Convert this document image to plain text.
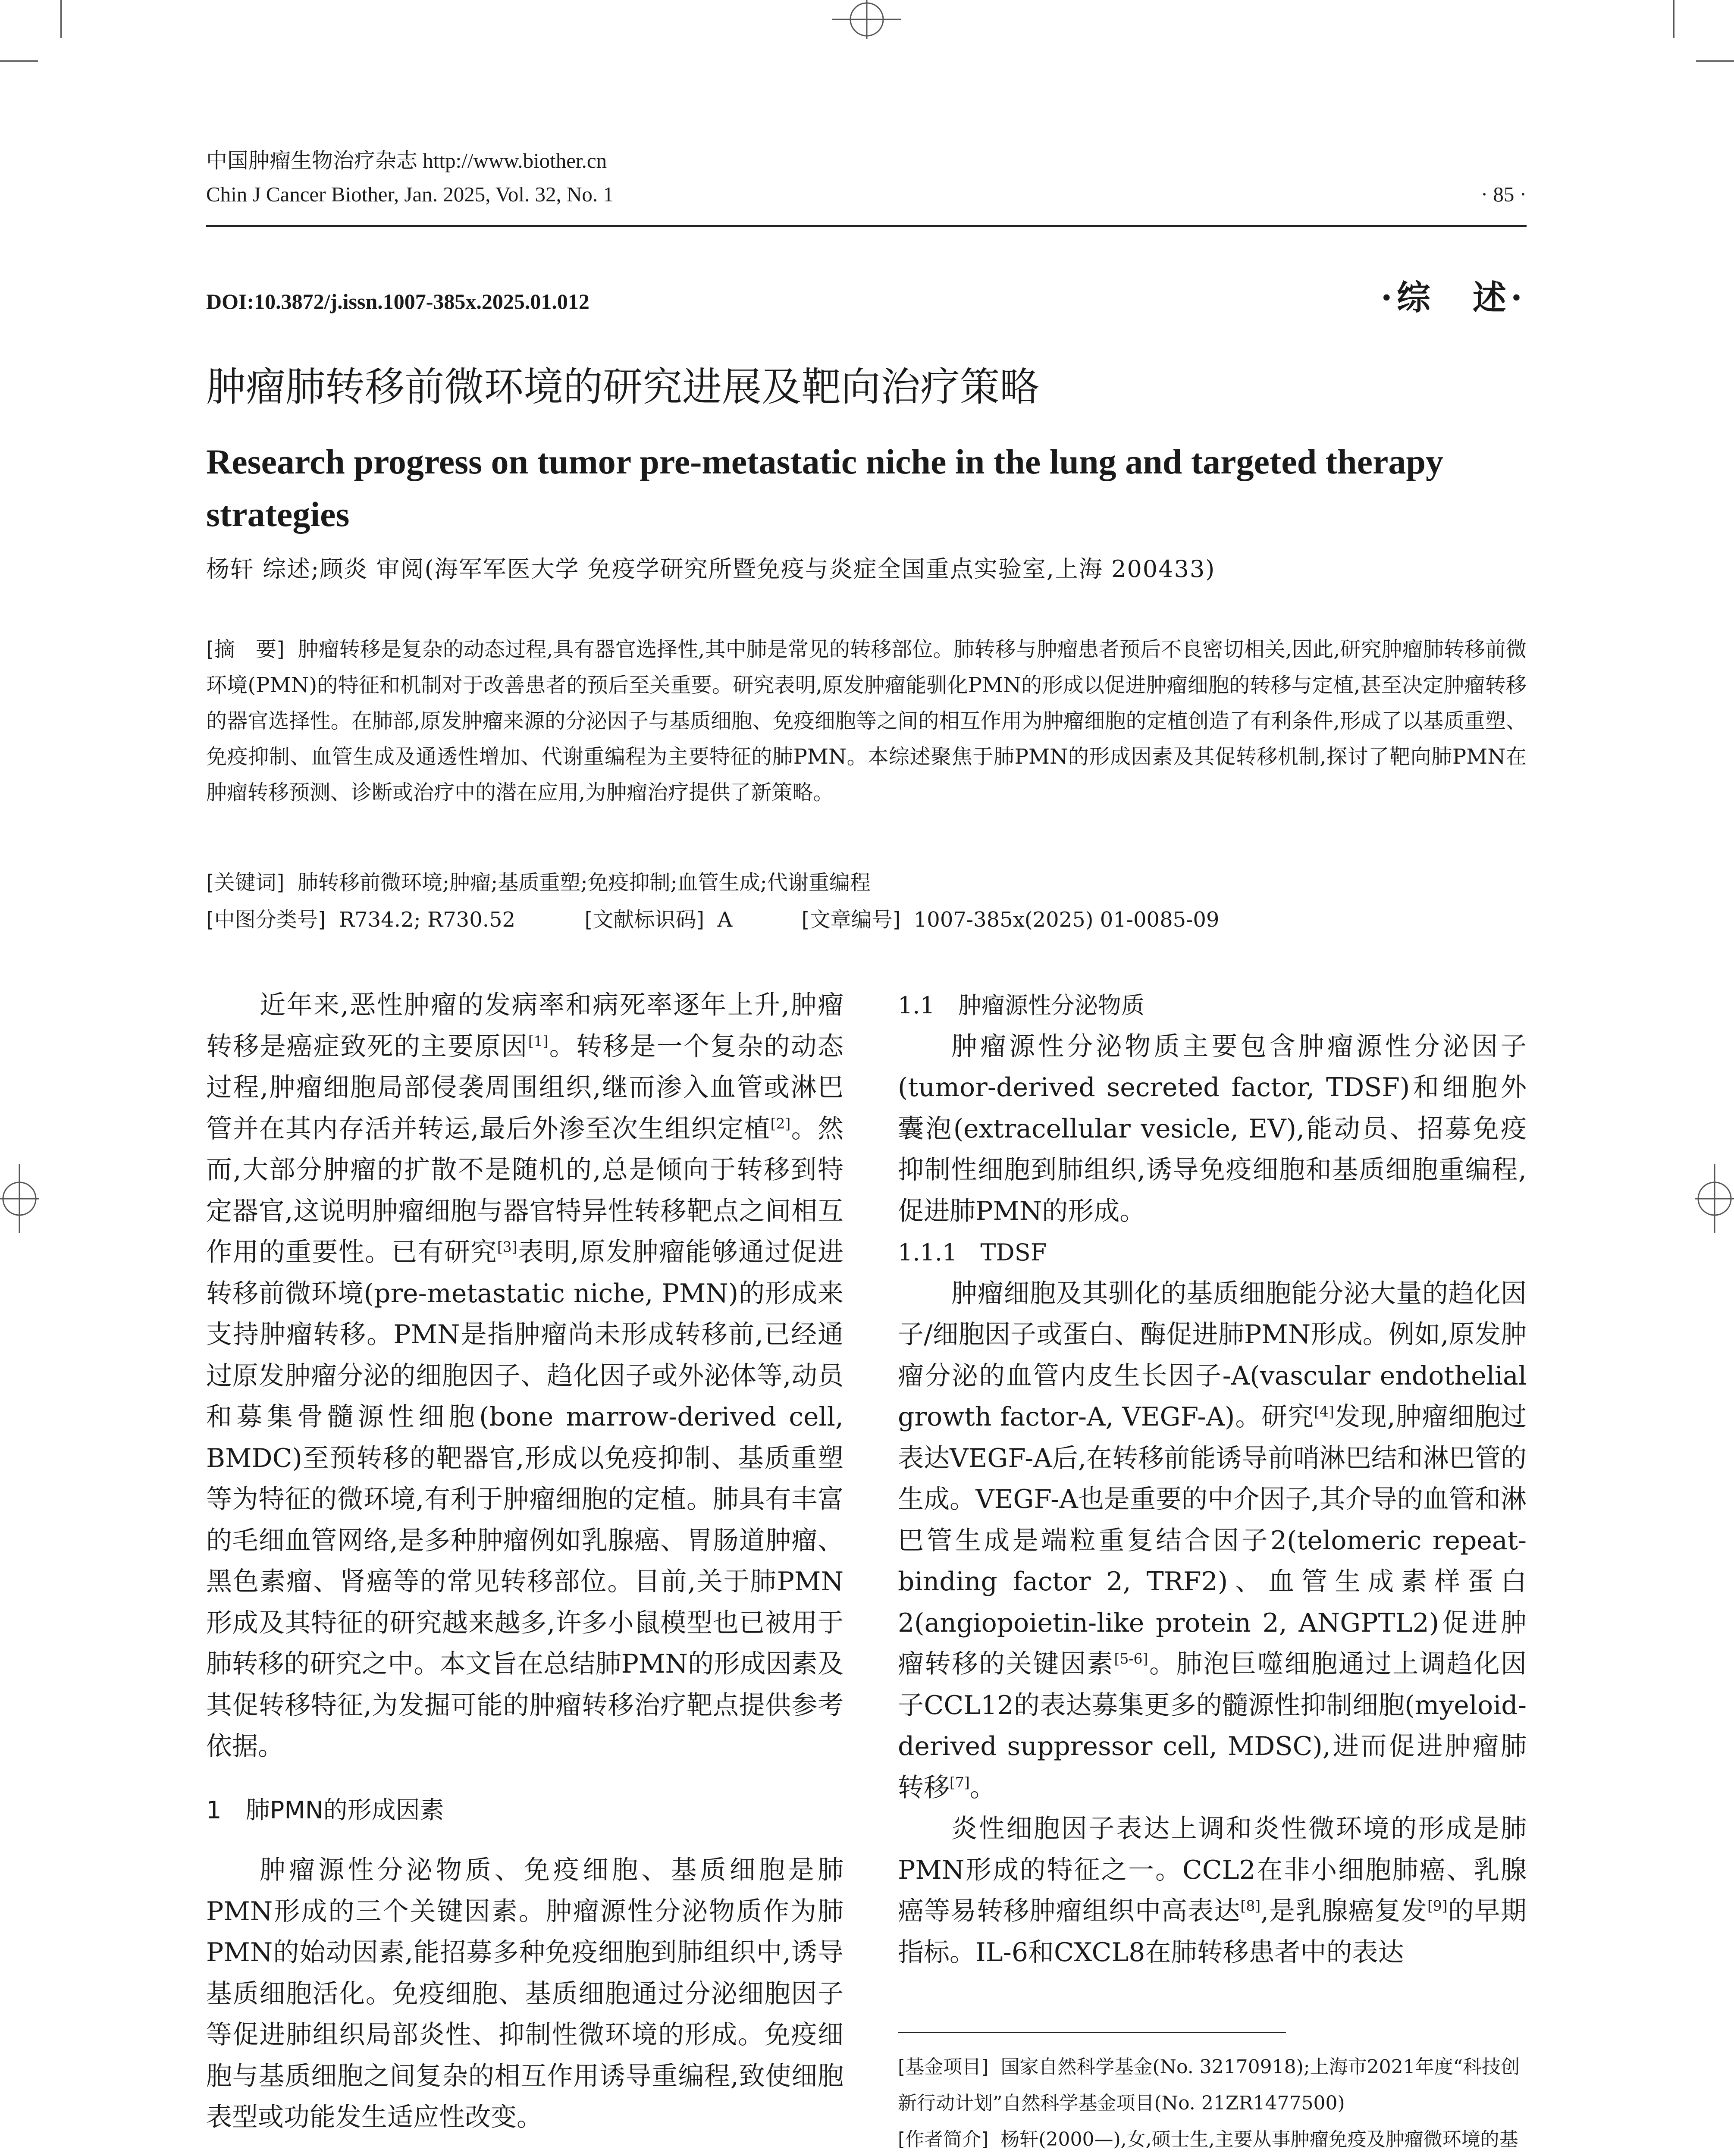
中国肿瘤生物治疗杂志 http://www.biother.cn
Chin J Cancer Biother, Jan. 2025, Vol. 32, No. 1	· 85 ·
DOI:10.3872/j.issn.1007-385x.2025.01.012	·综　述·
肿瘤肺转移前微环境的研究进展及靶向治疗策略
Research progress on tumor pre-metastatic niche in the lung and targeted therapy strategies
杨轩 综述;顾炎 审阅(海军军医大学 免疫学研究所暨免疫与炎症全国重点实验室,上海 200433)
[摘　要] 肿瘤转移是复杂的动态过程,具有器官选择性,其中肺是常见的转移部位。肺转移与肿瘤患者预后不良密切相关,因此,研究肿瘤肺转移前微环境(PMN)的特征和机制对于改善患者的预后至关重要。研究表明,原发肿瘤能驯化PMN的形成以促进肿瘤细胞的转移与定植,甚至决定肿瘤转移的器官选择性。在肺部,原发肿瘤来源的分泌因子与基质细胞、免疫细胞等之间的相互作用为肿瘤细胞的定植创造了有利条件,形成了以基质重塑、免疫抑制、血管生成及通透性增加、代谢重编程为主要特征的肺PMN。本综述聚焦于肺PMN的形成因素及其促转移机制,探讨了靶向肺PMN在肿瘤转移预测、诊断或治疗中的潜在应用,为肿瘤治疗提供了新策略。
[关键词] 肺转移前微环境;肿瘤;基质重塑;免疫抑制;血管生成;代谢重编程
[中图分类号] R734.2; R730.52	[文献标识码] A	[文章编号] 1007-385x(2025) 01-0085-09

近年来,恶性肿瘤的发病率和病死率逐年上升,肿瘤转移是癌症致死的主要原因[1]。转移是一个复杂的动态过程,肿瘤细胞局部侵袭周围组织,继而渗入血管或淋巴管并在其内存活并转运,最后外渗至次生组织定植[2]。然而,大部分肿瘤的扩散不是随机的,总是倾向于转移到特定器官,这说明肿瘤细胞与器官特异性转移靶点之间相互作用的重要性。已有研究[3]表明,原发肿瘤能够通过促进转移前微环境(pre-metastatic niche, PMN)的形成来支持肿瘤转移。PMN是指肿瘤尚未形成转移前,已经通过原发肿瘤分泌的细胞因子、趋化因子或外泌体等,动员和募集骨髓源性细胞(bone marrow-derived cell, BMDC)至预转移的靶器官,形成以免疫抑制、基质重塑等为特征的微环境,有利于肿瘤细胞的定植。肺具有丰富的毛细血管网络,是多种肿瘤例如乳腺癌、胃肠道肿瘤、黑色素瘤、肾癌等的常见转移部位。目前,关于肺PMN形成及其特征的研究越来越多,许多小鼠模型也已被用于肺转移的研究之中。本文旨在总结肺PMN的形成因素及其促转移特征,为发掘可能的肿瘤转移治疗靶点提供参考依据。

1　肺PMN的形成因素

肿瘤源性分泌物质、免疫细胞、基质细胞是肺PMN形成的三个关键因素。肿瘤源性分泌物质作为肺PMN的始动因素,能招募多种免疫细胞到肺组织中,诱导基质细胞活化。免疫细胞、基质细胞通过分泌细胞因子等促进肺组织局部炎性、抑制性微环境的形成。免疫细胞与基质细胞之间复杂的相互作用诱导重编程,致使细胞表型或功能发生适应性改变。

1.1　肿瘤源性分泌物质

肿瘤源性分泌物质主要包含肿瘤源性分泌因子(tumor-derived secreted factor, TDSF)和细胞外囊泡(extracellular vesicle, EV),能动员、招募免疫抑制性细胞到肺组织,诱导免疫细胞和基质细胞重编程,促进肺PMN的形成。

1.1.1　TDSF

肿瘤细胞及其驯化的基质细胞能分泌大量的趋化因子/细胞因子或蛋白、酶促进肺PMN形成。例如,原发肿瘤分泌的血管内皮生长因子-A(vascular endothelial growth factor-A, VEGF-A)。研究[4]发现,肿瘤细胞过表达VEGF-A后,在转移前能诱导前哨淋巴结和淋巴管的生成。VEGF-A也是重要的中介因子,其介导的血管和淋巴管生成是端粒重复结合因子2(telomeric repeat-binding factor 2, TRF2)、血管生成素样蛋白2(angiopoietin-like protein 2, ANGPTL2)促进肿瘤转移的关键因素[5-6]。肺泡巨噬细胞通过上调趋化因子CCL12的表达募集更多的髓源性抑制细胞(myeloid-derived suppressor cell, MDSC),进而促进肿瘤肺转移[7]。

炎性细胞因子表达上调和炎性微环境的形成是肺PMN形成的特征之一。CCL2在非小细胞肺癌、乳腺癌等易转移肿瘤组织中高表达[8],是乳腺癌复发[9]的早期指标。IL-6和CXCL8在肺转移患者中的表达

[基金项目] 国家自然科学基金(No. 32170918);上海市2021年度“科技创新行动计划”自然科学基金项目(No. 21ZR1477500)
[作者简介] 杨轩(2000—),女,硕士生,主要从事肿瘤免疫及肿瘤微环境的基
